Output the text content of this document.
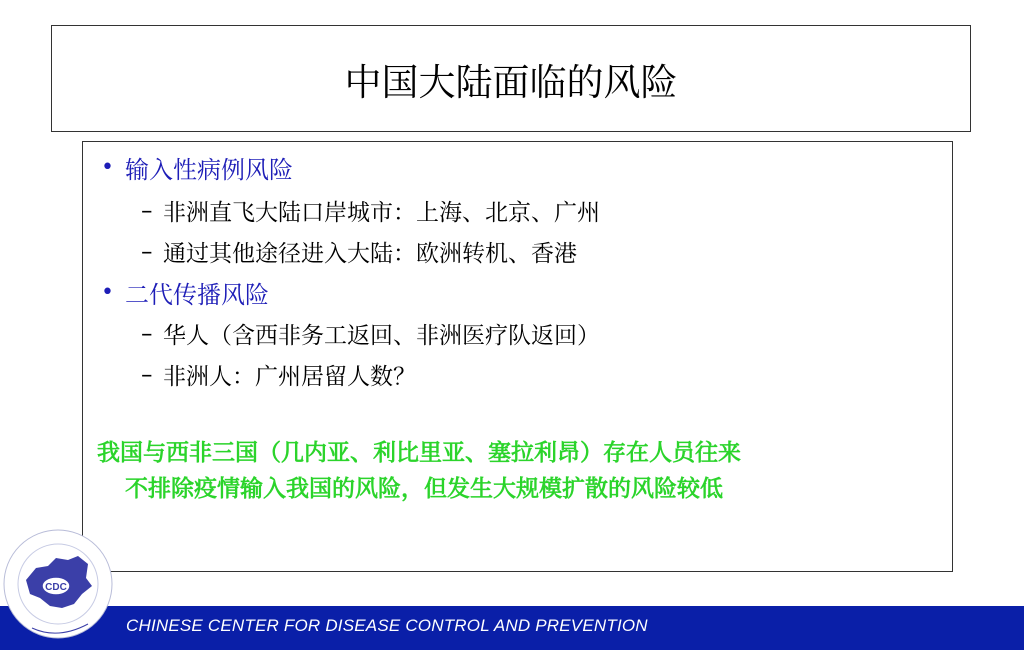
中国大陆面临的风险
• 输入性病例风险
– 非洲直飞大陆口岸城市：上海、北京、广州
– 通过其他途径进入大陆：欧洲转机、香港
• 二代传播风险
– 华人（含西非务工返回、非洲医疗队返回）
– 非洲人：广州居留人数？
我国与西非三国（几内亚、利比里亚、塞拉利昂）存在人员往来
不排除疫情输入我国的风险，但发生大规模扩散的风险较低
CDC
CHINESE CENTER FOR DISEASE CONTROL AND PREVENTION
